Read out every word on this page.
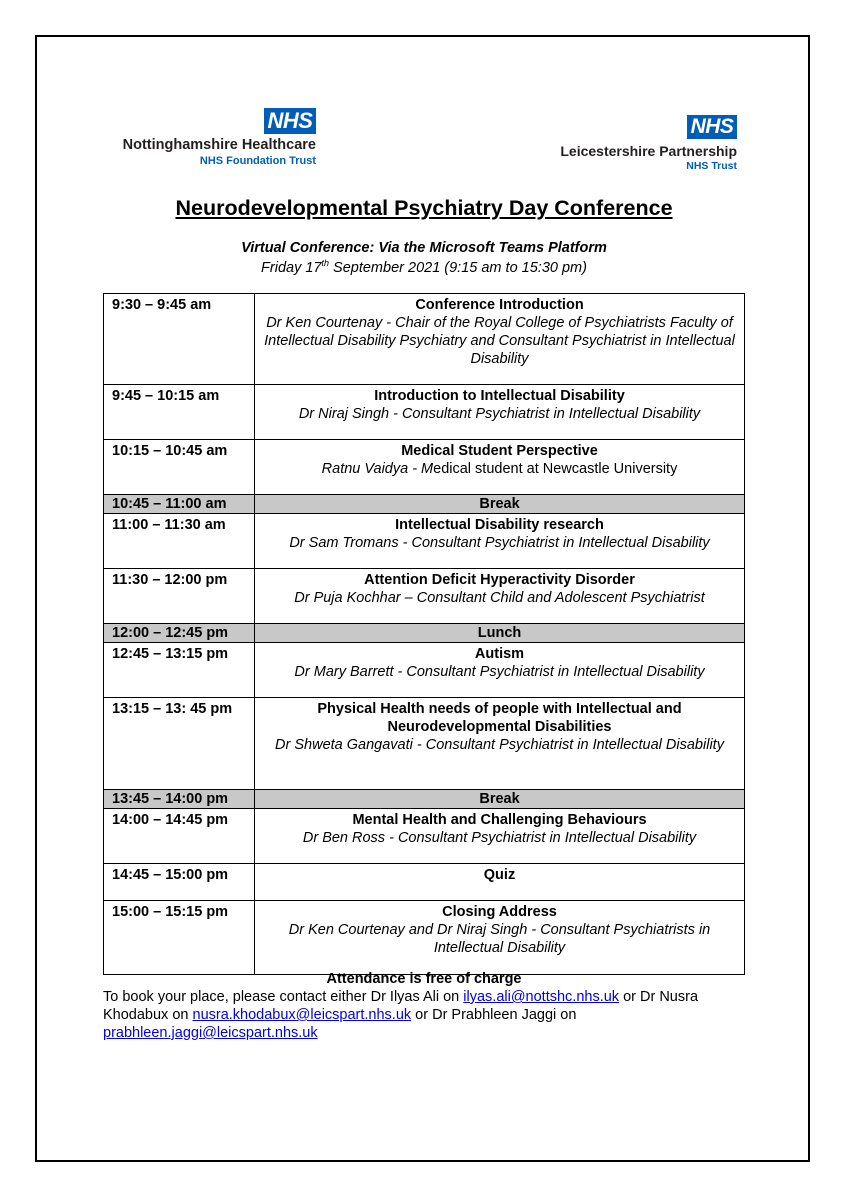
NHS
Nottinghamshire Healthcare
NHS Foundation Trust
NHS
Leicestershire Partnership
NHS Trust
Neurodevelopmental Psychiatry Day Conference
Virtual Conference: Via the Microsoft Teams Platform
Friday 17th September 2021 (9:15 am to 15:30 pm)
9:30 – 9:45 am	Conference Introduction
Dr Ken Courtenay - Chair of the Royal College of Psychiatrists Faculty of Intellectual Disability Psychiatry and Consultant Psychiatrist in Intellectual Disability

9:45 – 10:15 am	Introduction to Intellectual Disability
Dr Niraj Singh - Consultant Psychiatrist in Intellectual Disability

10:15 – 10:45 am	Medical Student Perspective
Ratnu Vaidya - Medical student at Newcastle University

10:45 – 11:00 am	Break

11:00 – 11:30 am	Intellectual Disability research
Dr Sam Tromans - Consultant Psychiatrist in Intellectual Disability

11:30 – 12:00 pm	Attention Deficit Hyperactivity Disorder
Dr Puja Kochhar – Consultant Child and Adolescent Psychiatrist

12:00 – 12:45 pm	Lunch

12:45 – 13:15 pm	Autism
Dr Mary Barrett - Consultant Psychiatrist in Intellectual Disability

13:15 – 13: 45 pm	Physical Health needs of people with Intellectual and Neurodevelopmental Disabilities
Dr Shweta Gangavati - Consultant Psychiatrist in Intellectual Disability

13:45 – 14:00 pm	Break

14:00 – 14:45 pm	Mental Health and Challenging Behaviours
Dr Ben Ross - Consultant Psychiatrist in Intellectual Disability

14:45 – 15:00 pm	Quiz

15:00 – 15:15 pm	Closing Address
Dr Ken Courtenay and Dr Niraj Singh - Consultant Psychiatrists in Intellectual Disability
Attendance is free of charge
To book your place, please contact either Dr Ilyas Ali on ilyas.ali@nottshc.nhs.uk or Dr Nusra Khodabux on nusra.khodabux@leicspart.nhs.uk or Dr Prabhleen Jaggi on prabhleen.jaggi@leicspart.nhs.uk
